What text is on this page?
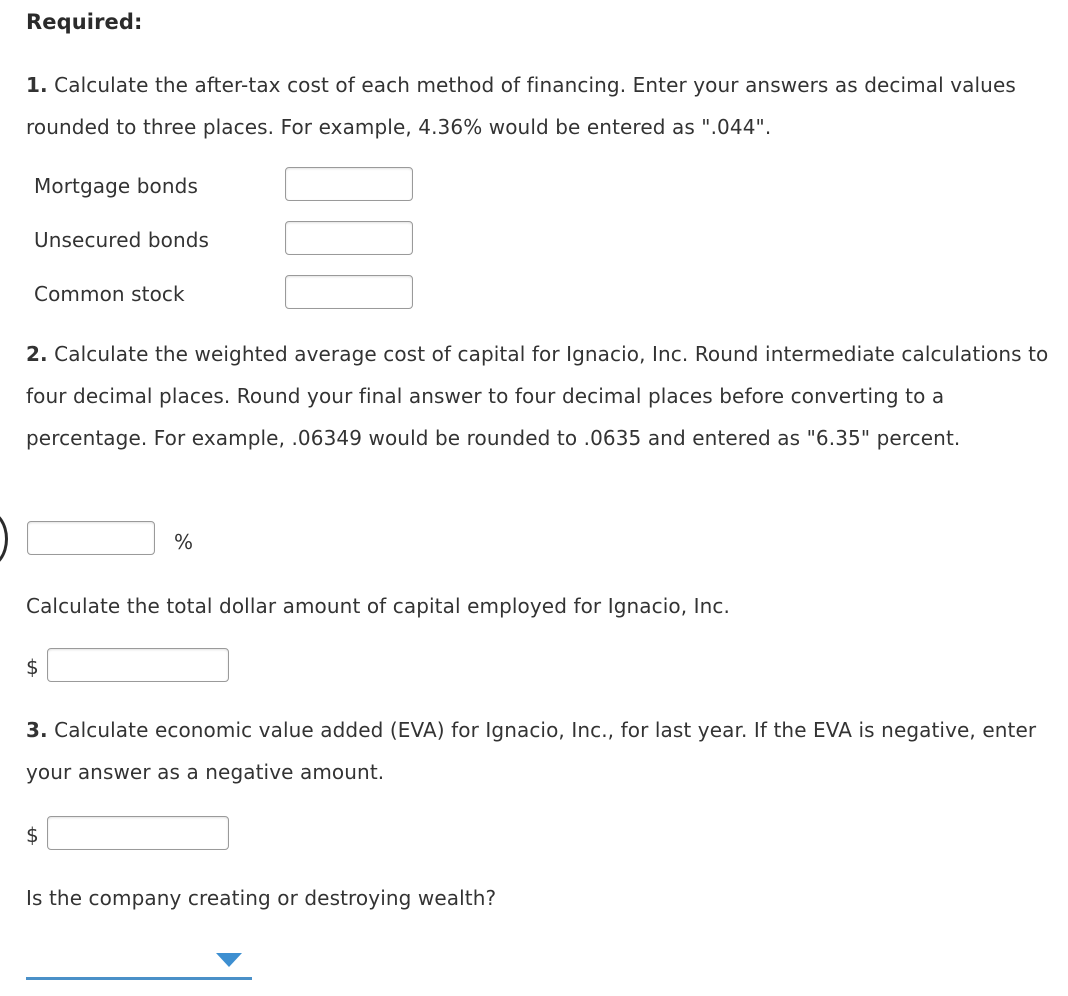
Required:
1. Calculate the after-tax cost of each method of financing. Enter your answers as decimal values rounded to three places. For example, 4.36% would be entered as ".044".
Mortgage bonds
Unsecured bonds
Common stock
2. Calculate the weighted average cost of capital for Ignacio, Inc. Round intermediate calculations to four decimal places. Round your final answer to four decimal places before converting to a percentage. For example, .06349 would be rounded to .0635 and entered as "6.35" percent.
%
Calculate the total dollar amount of capital employed for Ignacio, Inc.
$
3. Calculate economic value added (EVA) for Ignacio, Inc., for last year. If the EVA is negative, enter your answer as a negative amount.
$
Is the company creating or destroying wealth?
